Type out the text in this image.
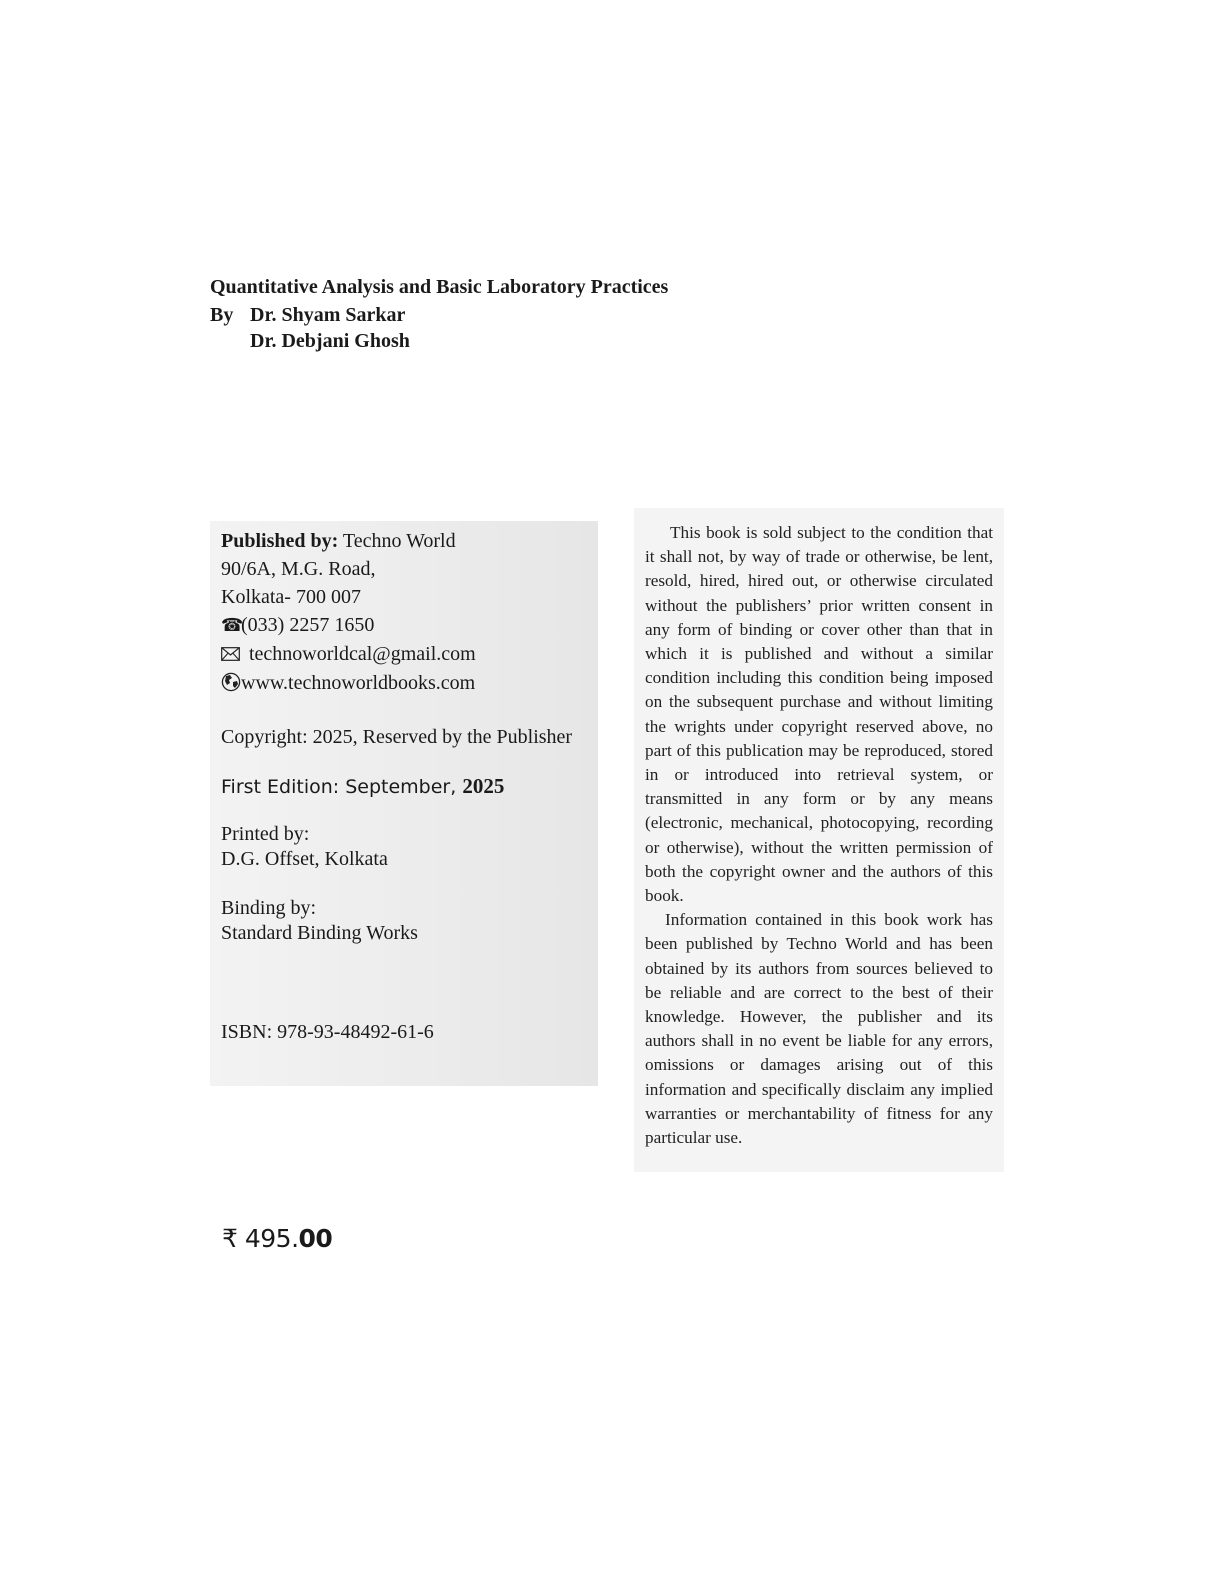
Quantitative Analysis and Basic Laboratory Practices
By Dr. Shyam Sarkar
Dr. Debjani Ghosh
Published by: Techno World
90/6A, M.G. Road,
Kolkata- 700 007
☎(033) 2257 1650
technoworldcal@gmail.com
www.technoworldbooks.com
Copyright: 2025, Reserved by the Publisher
First Edition: September, 2025
Printed by:
D.G. Offset, Kolkata
Binding by:
Standard Binding Works
ISBN: 978-93-48492-61-6

This book is sold subject to the condition that it shall not, by way of trade or otherwise, be lent, resold, hired, hired out, or otherwise circulated without the publishers’ prior written consent in any form of binding or cover other than that in which it is published and without a similar condition including this condition being imposed on the subsequent purchase and without limiting the wrights under copyright reserved above, no part of this publication may be reproduced, stored in or introduced into retrieval system, or transmitted in any form or by any means (electronic, mechanical, photocopying, recording or otherwise), without the written permission of both the copyright owner and the authors of this book.

Information contained in this book work has been published by Techno World and has been obtained by its authors from sources believed to be reliable and are correct to the best of their knowledge. However, the publisher and its authors shall in no event be liable for any errors, omissions or damages arising out of this information and specifically disclaim any implied warranties or merchantability of fitness for any particular use.

₹ 495.00
